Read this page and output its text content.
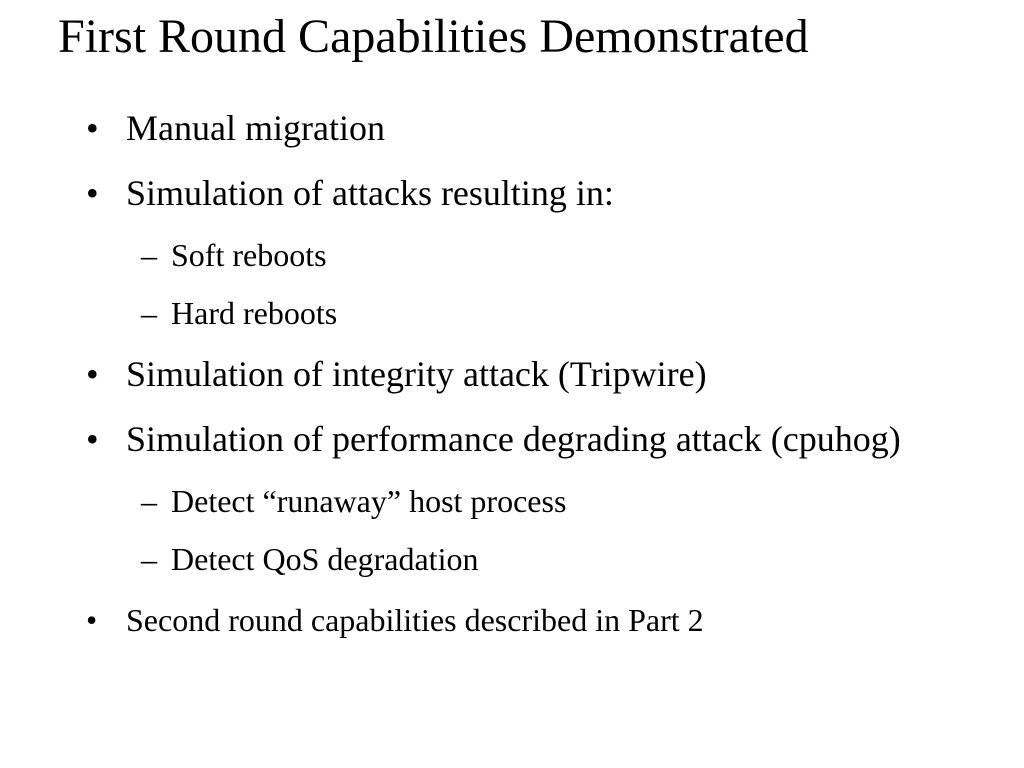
First Round Capabilities Demonstrated
• Manual migration
• Simulation of attacks resulting in:
– Soft reboots
– Hard reboots
• Simulation of integrity attack (Tripwire)
• Simulation of performance degrading attack (cpuhog)
– Detect “runaway” host process
– Detect QoS degradation
• Second round capabilities described in Part 2
